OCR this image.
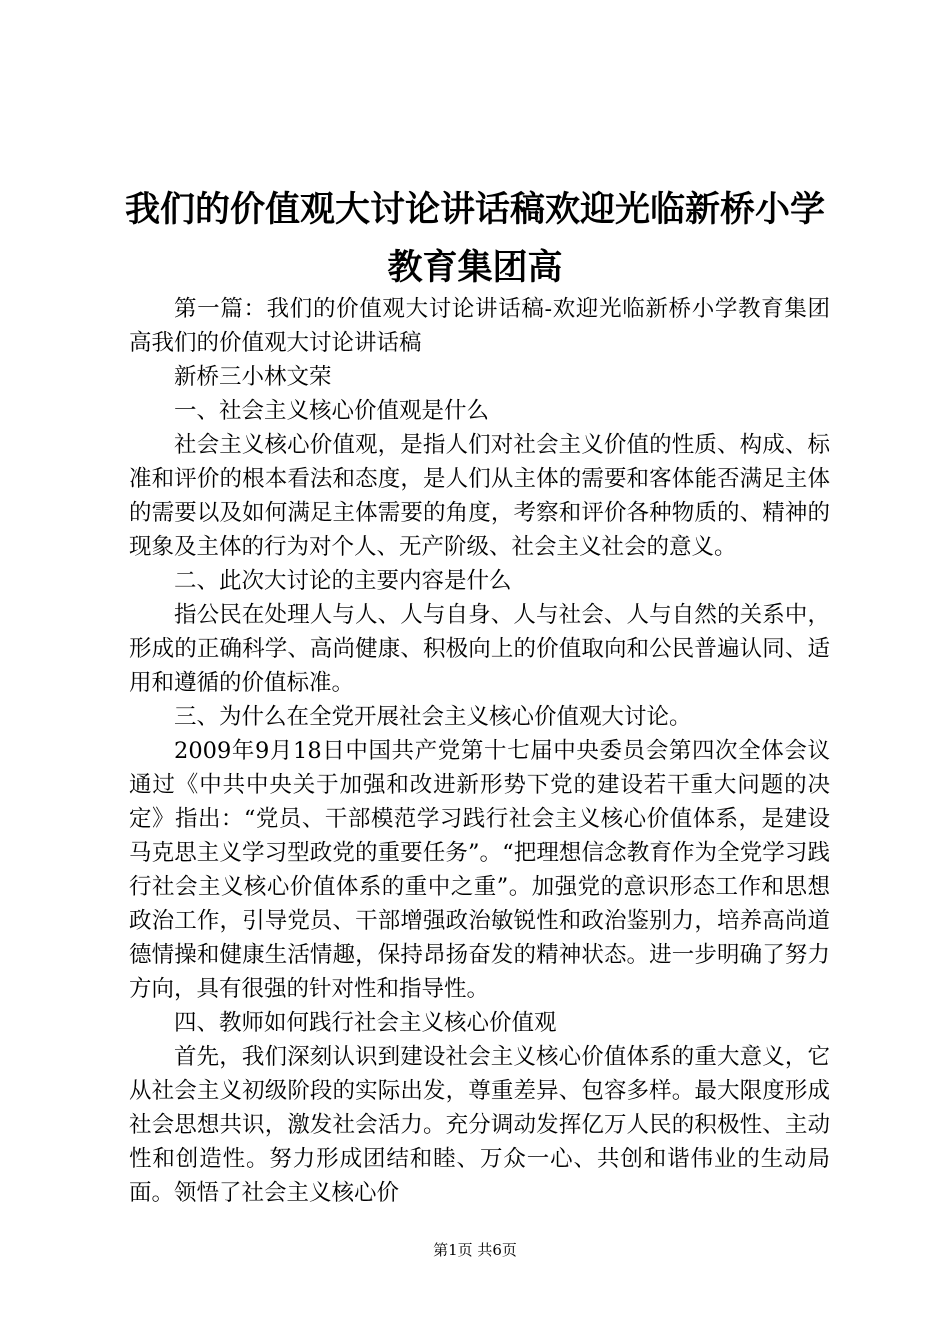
我们的价值观大讨论讲话稿欢迎光临新桥小学
教育集团高

第一篇：我们的价值观大讨论讲话稿-欢迎光临新桥小学教育集团高我们的价值观大讨论讲话稿

新桥三小林文荣

一、社会主义核心价值观是什么

社会主义核心价值观，是指人们对社会主义价值的性质、构成、标准和评价的根本看法和态度，是人们从主体的需要和客体能否满足主体的需要以及如何满足主体需要的角度，考察和评价各种物质的、精神的现象及主体的行为对个人、无产阶级、社会主义社会的意义。

二、此次大讨论的主要内容是什么

指公民在处理人与人、人与自身、人与社会、人与自然的关系中，形成的正确科学、高尚健康、积极向上的价值取向和公民普遍认同、适用和遵循的价值标准。

三、为什么在全党开展社会主义核心价值观大讨论。

2009年9月18日中国共产党第十七届中央委员会第四次全体会议通过《中共中央关于加强和改进新形势下党的建设若干重大问题的决定》指出：“党员、干部模范学习践行社会主义核心价值体系，是建设马克思主义学习型政党的重要任务”。“把理想信念教育作为全党学习践行社会主义核心价值体系的重中之重”。加强党的意识形态工作和思想政治工作，引导党员、干部增强政治敏锐性和政治鉴别力，培养高尚道德情操和健康生活情趣，保持昂扬奋发的精神状态。进一步明确了努力方向，具有很强的针对性和指导性。

四、教师如何践行社会主义核心价值观

首先，我们深刻认识到建设社会主义核心价值体系的重大意义，它从社会主义初级阶段的实际出发，尊重差异、包容多样。最大限度形成社会思想共识，激发社会活力。充分调动发挥亿万人民的积极性、主动性和创造性。努力形成团结和睦、万众一心、共创和谐伟业的生动局面。领悟了社会主义核心价

第1页 共6页
